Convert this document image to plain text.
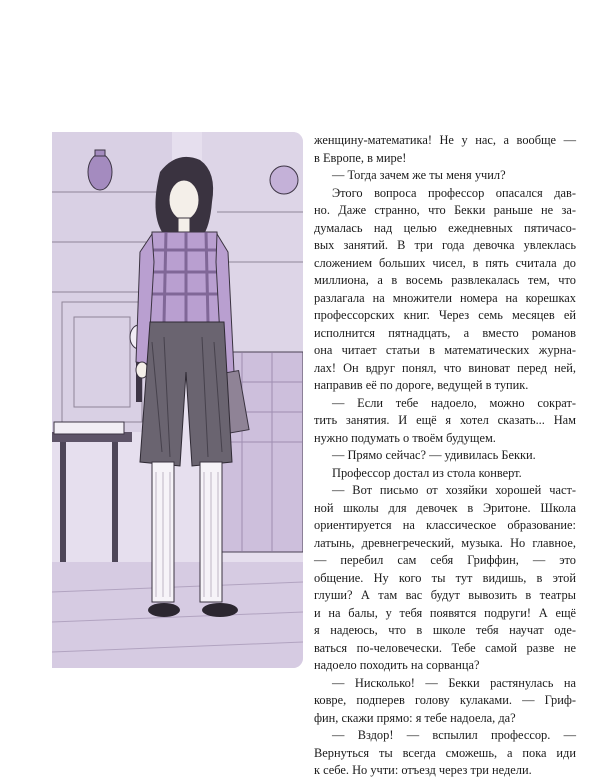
женщину-математика! Не у нас, а вообще —
в Европе, в мире!
— Тогда зачем же ты меня учил?
Этого вопроса профессор опасался дав-
но. Даже странно, что Бекки раньше не за-
думалась над целью ежедневных пятичасо-
вых занятий. В три года девочка увлеклась
сложением больших чисел, в пять считала до
миллиона, а в восемь развлекалась тем, что
разлагала на множители номера на корешках
профессорских книг. Через семь месяцев ей
исполнится пятнадцать, а вместо романов
она читает статьи в математических журна-
лах! Он вдруг понял, что виноват перед ней,
направив её по дороге, ведущей в тупик.
— Если тебе надоело, можно сократ-
тить занятия. И ещё я хотел сказать... Нам
нужно подумать о твоём будущем.
— Прямо сейчас? — удивилась Бекки.
Профессор достал из стола конверт.
— Вот письмо от хозяйки хорошей част-
ной школы для девочек в Эритоне. Школа
ориентируется на классическое образование:
латынь, древнегреческий, музыка. Но главное,
— перебил сам себя Гриффин, — это
общение. Ну кого ты тут видишь, в этой
глуши? А там вас будут вывозить в театры
и на балы, у тебя появятся подруги! А ещё
я надеюсь, что в школе тебя научат оде-
ваться по-человечески. Тебе самой разве не
надоело походить на сорванца?
— Нисколько! — Бекки растянулась на
ковре, подперев голову кулаками. — Гриф-
фин, скажи прямо: я тебе надоела, да?
— Вздор! — вспылил профессор. —
Вернуться ты всегда сможешь, а пока иди
к себе. Но учти: отъезд через три недели.
